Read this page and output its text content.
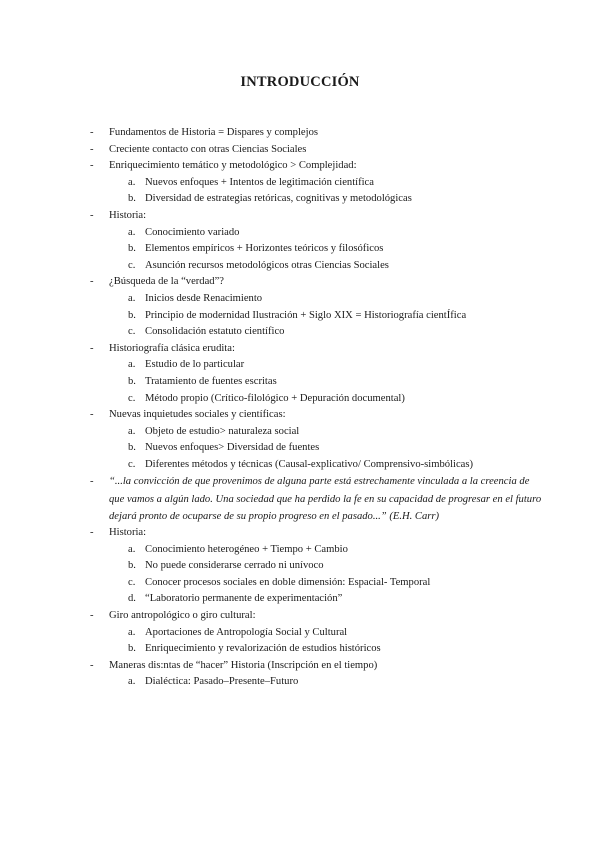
INTRODUCCIÓN
- Fundamentos de Historia = Dispares y complejos
- Creciente contacto con otras Ciencias Sociales
- Enriquecimiento temático y metodológico > Complejidad:
a. Nuevos enfoques + Intentos de legitimación científica
b. Diversidad de estrategias retóricas, cognitivas y metodológicas
- Historia:
a. Conocimiento variado
b. Elementos empíricos + Horizontes teóricos y filosóficos
c. Asunción recursos metodológicos otras Ciencias Sociales
- ¿Búsqueda de la “verdad”?
a. Inicios desde Renacimiento
b. Principio de modernidad Ilustración + Siglo XIX = Historiografía cientÍfica
c. Consolidación estatuto científico
- Historiografía clásica erudita:
a. Estudio de lo particular
b. Tratamiento de fuentes escritas
c. Método propio (Crítico-filológico + Depuración documental)
- Nuevas inquietudes sociales y científicas:
a. Objeto de estudio> naturaleza social
b. Nuevos enfoques> Diversidad de fuentes
c. Diferentes métodos y técnicas (Causal-explicativo/ Comprensivo-simbólicas)
- “...la convicción de que provenimos de alguna parte está estrechamente vinculada a la creencia de
que vamos a algún lado. Una sociedad que ha perdido la fe en su capacidad de progresar en el futuro
dejará pronto de ocuparse de su propio progreso en el pasado...” (E.H. Carr)
- Historia:
a. Conocimiento heterogéneo + Tiempo + Cambio
b. No puede considerarse cerrado ni unívoco
c. Conocer procesos sociales en doble dimensión: Espacial- Temporal
d. “Laboratorio permanente de experimentación”
- Giro antropológico o giro cultural:
a. Aportaciones de Antropología Social y Cultural
b. Enriquecimiento y revalorización de estudios históricos
- Maneras dis:ntas de “hacer” Historia (Inscripción en el tiempo)
a. Dialéctica: Pasado–Presente–Futuro
